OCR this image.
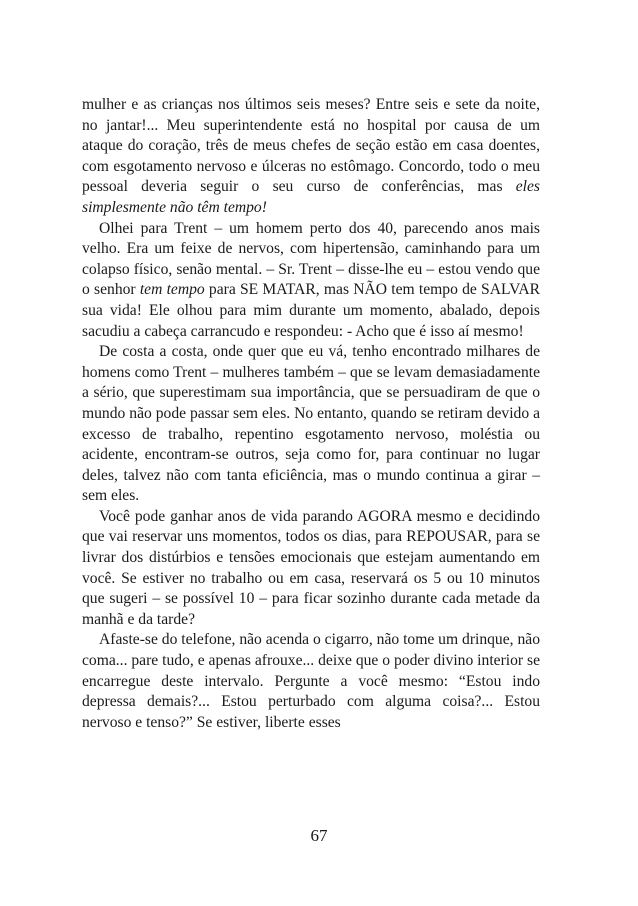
mulher e as crianças nos últimos seis meses? Entre seis e sete da noite, no jantar!... Meu superintendente está no hospital por causa de um ataque do coração, três de meus chefes de seção estão em casa doentes, com esgotamento nervoso e úlceras no estômago. Concordo, todo o meu pessoal deveria seguir o seu curso de conferências, mas eles simplesmente não têm tempo!

Olhei para Trent – um homem perto dos 40, parecendo anos mais velho. Era um feixe de nervos, com hipertensão, caminhando para um colapso físico, senão mental. – Sr. Trent – disse-lhe eu – estou vendo que o senhor tem tempo para SE MATAR, mas NÃO tem tempo de SALVAR sua vida! Ele olhou para mim durante um momento, abalado, depois sacudiu a cabeça carrancudo e respondeu: - Acho que é isso aí mesmo!

De costa a costa, onde quer que eu vá, tenho encontrado milhares de homens como Trent – mulheres também – que se levam demasiadamente a sério, que superestimam sua importância, que se persuadiram de que o mundo não pode passar sem eles. No entanto, quando se retiram devido a excesso de trabalho, repentino esgotamento nervoso, moléstia ou acidente, encontram-se outros, seja como for, para continuar no lugar deles, talvez não com tanta eficiência, mas o mundo continua a girar – sem eles.

Você pode ganhar anos de vida parando AGORA mesmo e decidindo que vai reservar uns momentos, todos os dias, para REPOUSAR, para se livrar dos distúrbios e tensões emocionais que estejam aumentando em você. Se estiver no trabalho ou em casa, reservará os 5 ou 10 minutos que sugeri – se possível 10 – para ficar sozinho durante cada metade da manhã e da tarde?

Afaste-se do telefone, não acenda o cigarro, não tome um drinque, não coma... pare tudo, e apenas afrouxe... deixe que o poder divino interior se encarregue deste intervalo. Pergunte a você mesmo: “Estou indo depressa demais?... Estou perturbado com alguma coisa?... Estou nervoso e tenso?” Se estiver, liberte esses

67
